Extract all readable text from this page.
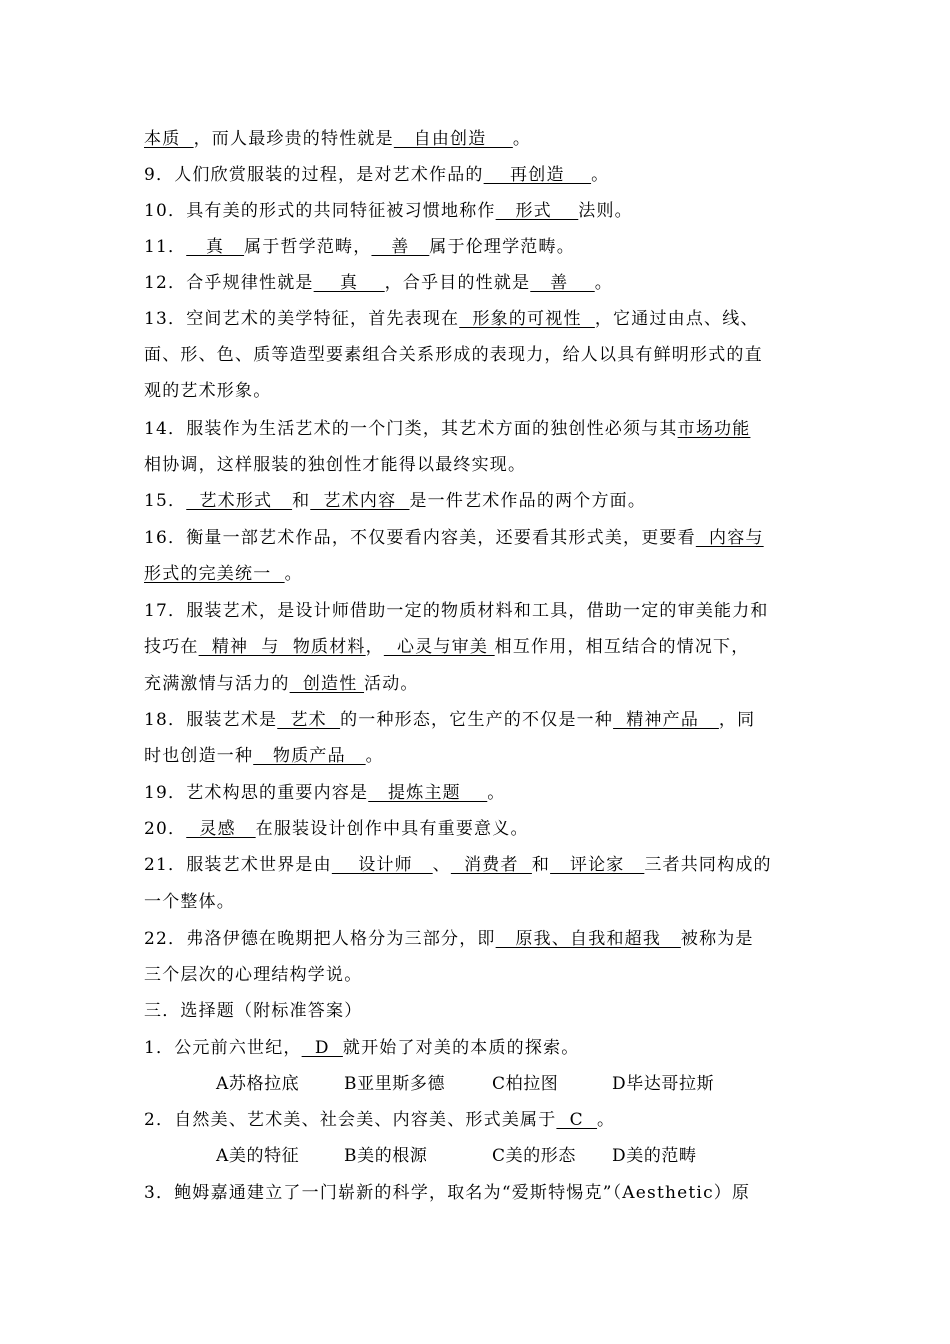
本质  ，而人最珍贵的特性就是   自由创造    。
9．人们欣赏服装的过程，是对艺术作品的    再创造    。
10．具有美的形式的共同特征被习惯地称作   形式    法则。
11．   真   属于哲学范畴，   善   属于伦理学范畴。
12．合乎规律性就是    真    ，合乎目的性就是   善    。
13．空间艺术的美学特征，首先表现在  形象的可视性  ，它通过由点、线、
面、形、色、质等造型要素组合关系形成的表现力，给人以具有鲜明形式的直
观的艺术形象。
14．服装作为生活艺术的一个门类，其艺术方面的独创性必须与其市场功能
相协调，这样服装的独创性才能得以最终实现。
15．  艺术形式   和  艺术内容  是一件艺术作品的两个方面。
16．衡量一部艺术作品，不仅要看内容美，还要看其形式美，更要看  内容与
形式的完美统一  。
17．服装艺术，是设计师借助一定的物质材料和工具，借助一定的审美能力和
技巧在  精神  与  物质材料，  心灵与审美 相互作用，相互结合的情况下，
充满激情与活力的  创造性 活动。
18．服装艺术是  艺术  的一种形态，它生产的不仅是一种  精神产品   ，同
时也创造一种   物质产品   。
19．艺术构思的重要内容是   提炼主题    。
20．  灵感   在服装设计创作中具有重要意义。
21．服装艺术世界是由    设计师   、  消费者  和   评论家   三者共同构成的
一个整体。
22．弗洛伊德在晚期把人格分为三部分，即   原我、自我和超我   被称为是
三个层次的心理结构学说。
三．选择题（附标准答案）
1．公元前六世纪，  D  就开始了对美的本质的探索。
2．自然美、艺术美、社会美、内容美、形式美属于  C  。
3．鲍姆嘉通建立了一门崭新的科学，取名为“爱斯特惕克”（Aesthetic）原
A苏格拉底	B亚里斯多德	C柏拉图	D毕达哥拉斯
A美的特征	B美的根源	C美的形态 D美的范畴
